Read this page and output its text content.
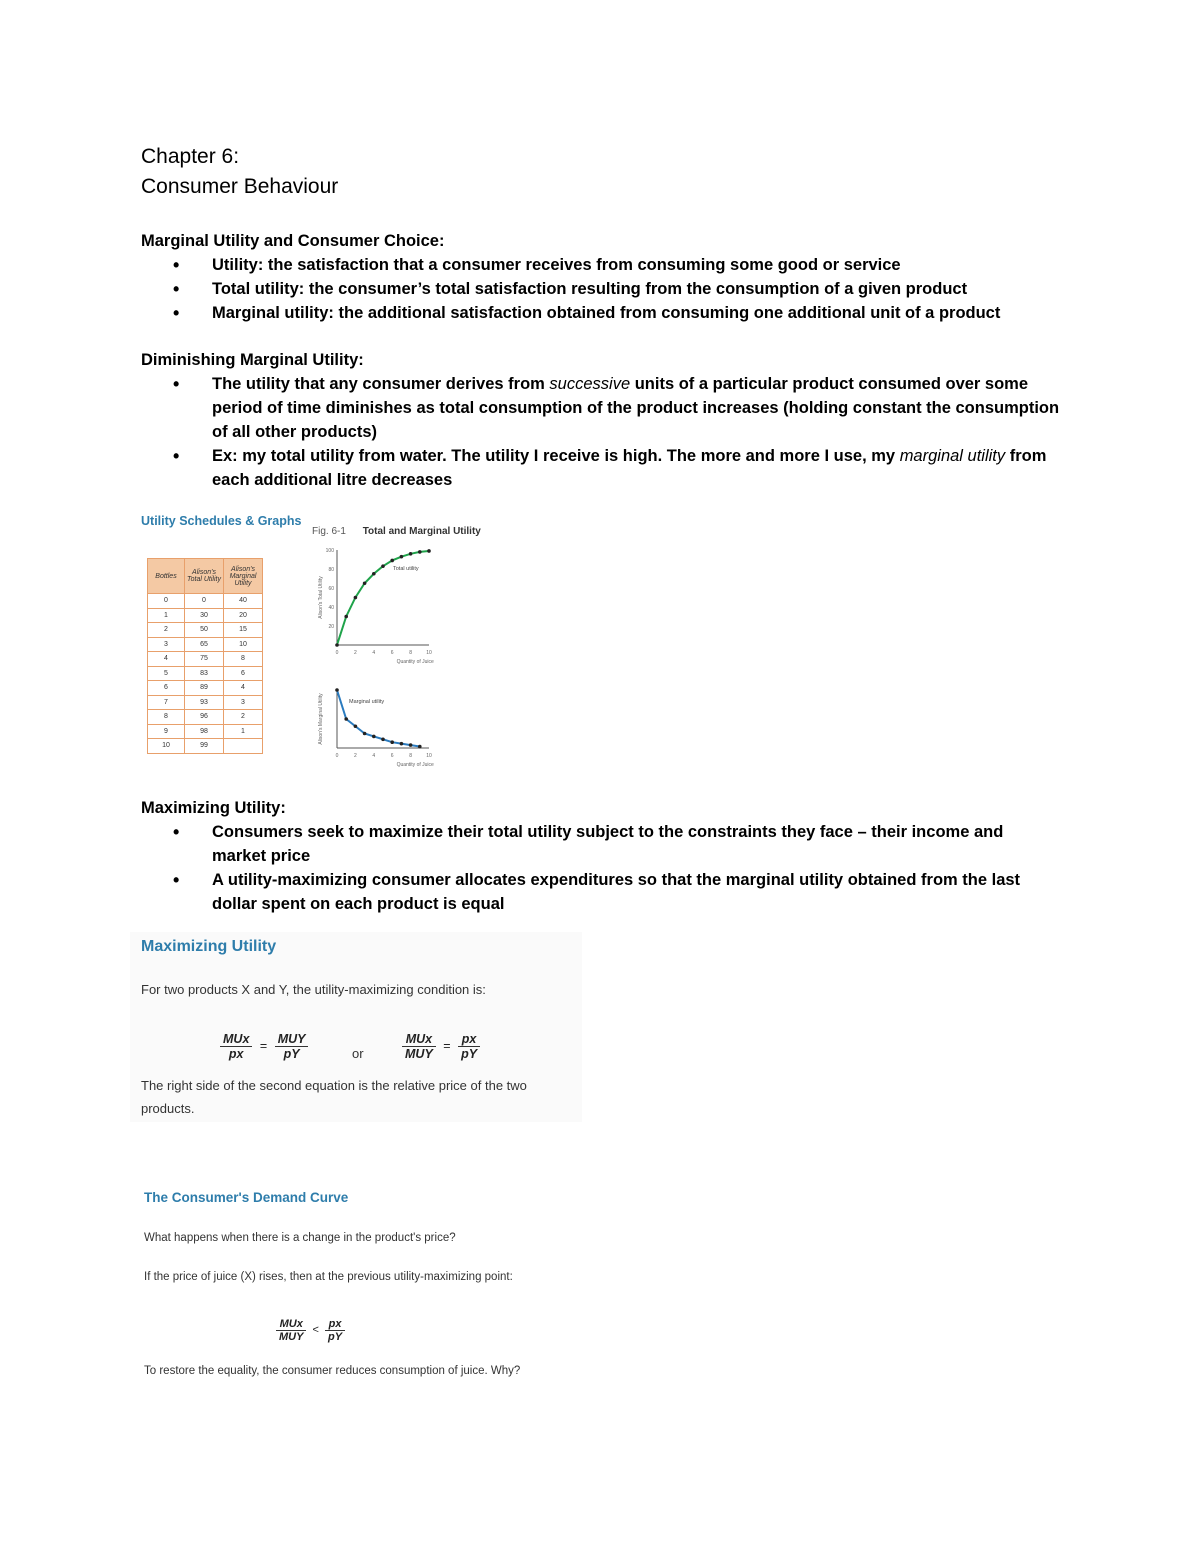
Chapter 6:
Consumer Behaviour
Marginal Utility and Consumer Choice:
• Utility: the satisfaction that a consumer receives from consuming some good or service
• Total utility: the consumer’s total satisfaction resulting from the consumption of a given product
• Marginal utility: the additional satisfaction obtained from consuming one additional unit of a product
Diminishing Marginal Utility:
• The utility that any consumer derives from successive units of a particular product consumed over some period of time diminishes as total consumption of the product increases (holding constant the consumption of all other products)
• Ex: my total utility from water. The utility I receive is high. The more and more I use, my marginal utility from each additional litre decreases
Utility Schedules & Graphs
Bottles	Alison's Total Utility	Alison's Marginal Utility
0	0	40
1	30	20
2	50	15
3	65	10
4	75	8
5	83	6
6	89	4
7	93	3
8	96	2
9	98	1
10	99	
Fig. 6-1 Total and Marginal Utility
0	2	4	6	8	10
20
40
60
80
100
Total utility
Alison's Total Utility
Quantity of Juice
0	2	4	6	8	10
Marginal utility
Alison's Marginal Utility
Quantity of Juice
Maximizing Utility:
• Consumers seek to maximize their total utility subject to the constraints they face – their income and market price
• A utility-maximizing consumer allocates expenditures so that the marginal utility obtained from the last dollar spent on each product is equal
Maximizing Utility
For two products X and Y, the utility-maximizing condition is:
$\frac{\text{MUx}}{px} = \frac{\text{MUY}}{pY}$	or	$\frac{\text{MUx}}{\text{MUY}} = \frac{px}{pY}$
The right side of the second equation is the relative price of the two products.
The Consumer's Demand Curve
What happens when there is a change in the product's price?
If the price of juice (X) rises, then at the previous utility-maximizing point:
$\frac{\text{MUx}}{\text{MUY}} < \frac{px}{pY}$
To restore the equality, the consumer reduces consumption of juice. Why?
